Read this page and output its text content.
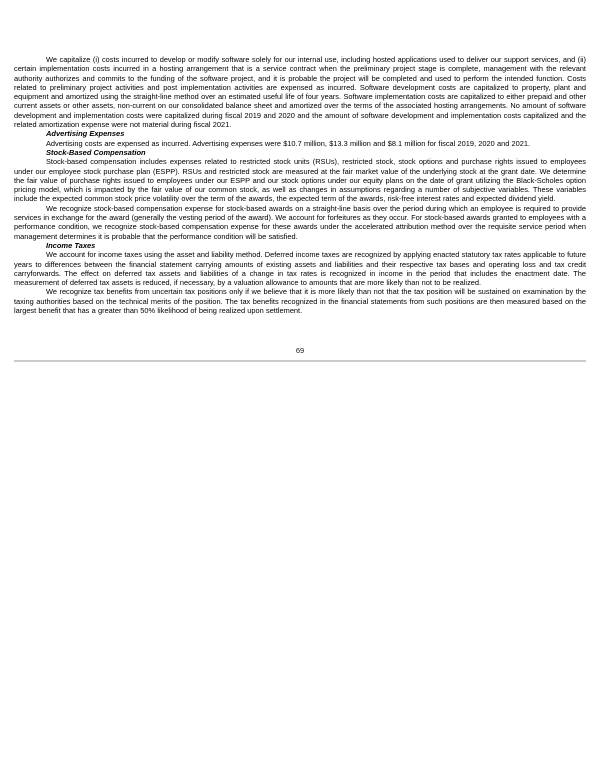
We capitalize (i) costs incurred to develop or modify software solely for our internal use, including hosted applications used to deliver our support services, and (ii) certain implementation costs incurred in a hosting arrangement that is a service contract when the preliminary project stage is complete, management with the relevant authority authorizes and commits to the funding of the software project, and it is probable the project will be completed and used to perform the intended function. Costs related to preliminary project activities and post implementation activities are expensed as incurred. Software development costs are capitalized to property, plant and equipment and amortized using the straight-line method over an estimated useful life of four years. Software implementation costs are capitalized to either prepaid and other current assets or other assets, non-current on our consolidated balance sheet and amortized over the terms of the associated hosting arrangements. No amount of software development and implementation costs were capitalized during fiscal 2019 and 2020 and the amount of software development and implementation costs capitalized and the related amortization expense were not material during fiscal 2021.

Advertising Expenses

Advertising costs are expensed as incurred. Advertising expenses were $10.7 million, $13.3 million and $8.1 million for fiscal 2019, 2020 and 2021.

Stock-Based Compensation

Stock-based compensation includes expenses related to restricted stock units (RSUs), restricted stock, stock options and purchase rights issued to employees under our employee stock purchase plan (ESPP). RSUs and restricted stock are measured at the fair market value of the underlying stock at the grant date. We determine the fair value of purchase rights issued to employees under our ESPP and our stock options under our equity plans on the date of grant utilizing the Black-Scholes option pricing model, which is impacted by the fair value of our common stock, as well as changes in assumptions regarding a number of subjective variables. These variables include the expected common stock price volatility over the term of the awards, the expected term of the awards, risk-free interest rates and expected dividend yield.

We recognize stock-based compensation expense for stock-based awards on a straight-line basis over the period during which an employee is required to provide services in exchange for the award (generally the vesting period of the award). We account for forfeitures as they occur. For stock-based awards granted to employees with a performance condition, we recognize stock-based compensation expense for these awards under the accelerated attribution method over the requisite service period when management determines it is probable that the performance condition will be satisfied.

Income Taxes

We account for income taxes using the asset and liability method. Deferred income taxes are recognized by applying enacted statutory tax rates applicable to future years to differences between the financial statement carrying amounts of existing assets and liabilities and their respective tax bases and operating loss and tax credit carryforwards. The effect on deferred tax assets and liabilities of a change in tax rates is recognized in income in the period that includes the enactment date. The measurement of deferred tax assets is reduced, if necessary, by a valuation allowance to amounts that are more likely than not to be realized.

We recognize tax benefits from uncertain tax positions only if we believe that it is more likely than not that the tax position will be sustained on examination by the taxing authorities based on the technical merits of the position. The tax benefits recognized in the financial statements from such positions are then measured based on the largest benefit that has a greater than 50% likelihood of being realized upon settlement.

69
